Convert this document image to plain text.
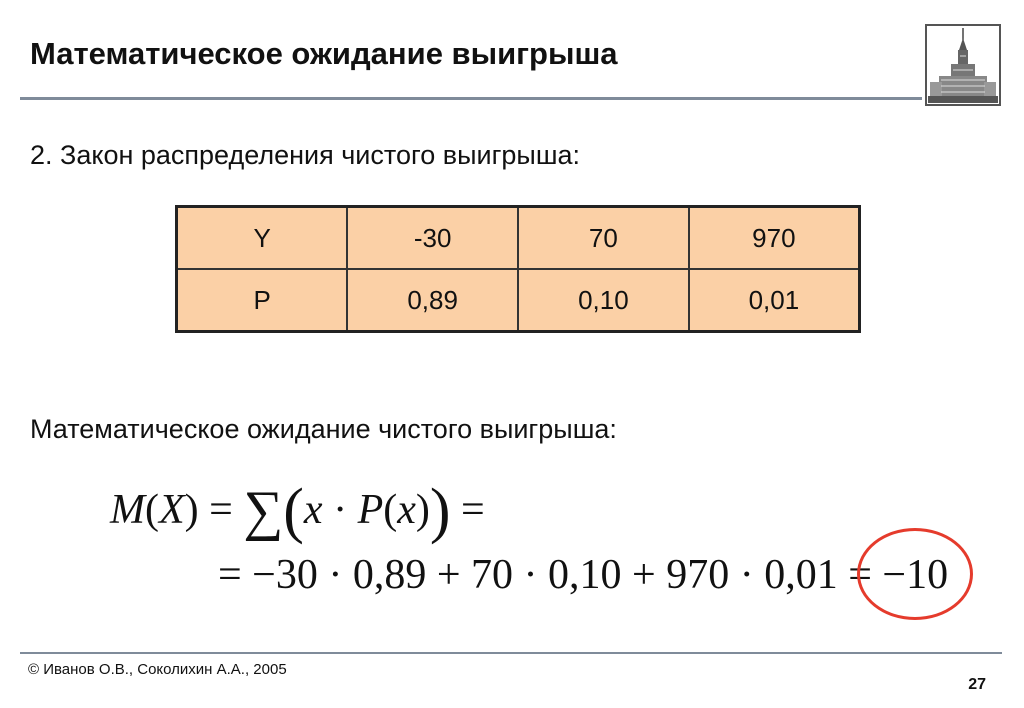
Математическое ожидание выигрыша
2. Закон распределения чистого выигрыша:
Y	-30	70	970
P	0,89	0,10	0,01
Математическое ожидание чистого выигрыша:
M(X) = ∑(x · P(x)) =
= −30 · 0,89 + 70 · 0,10 + 970 · 0,01 = −10
© Иванов О.В., Соколихин А.А., 2005
27
